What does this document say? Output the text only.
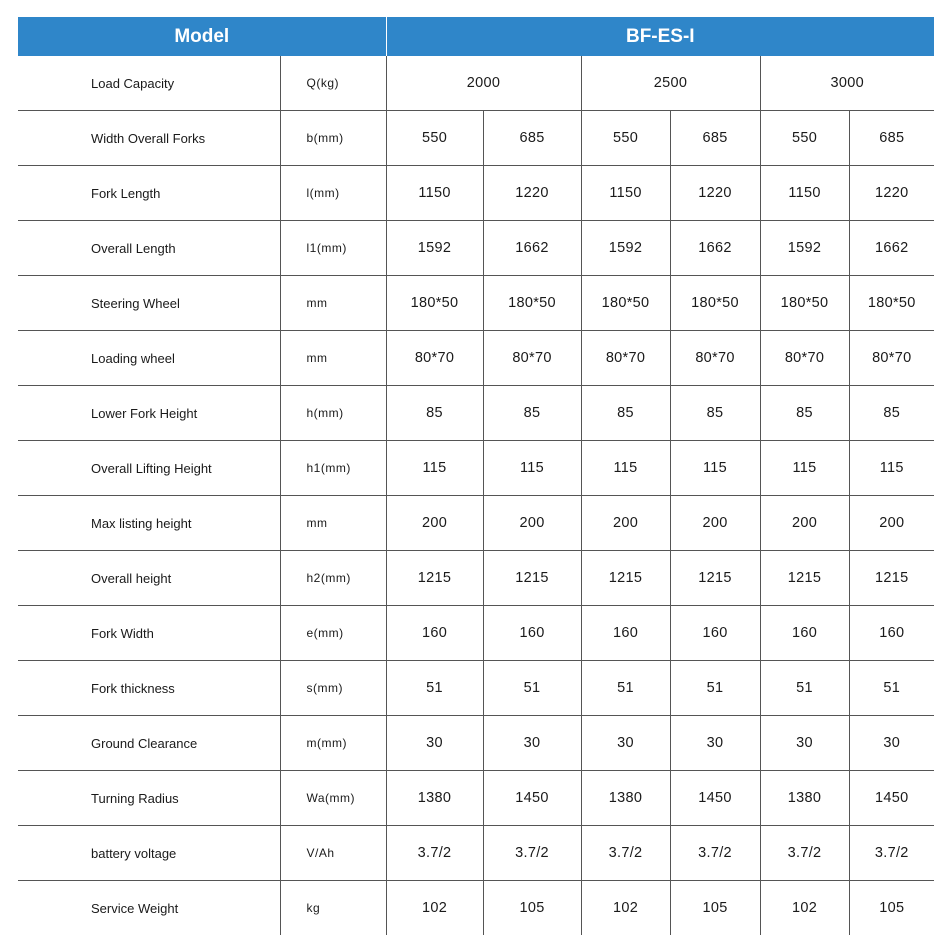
Model		BF-ES-I					
Load Capacity	Q(kg)	2000		2500		3000	
Width Overall Forks	b(mm)	550	685	550	685	550	685
Fork Length	l(mm)	1150	1220	1150	1220	1150	1220
Overall Length	l1(mm)	1592	1662	1592	1662	1592	1662
Steering Wheel	mm	180*50	180*50	180*50	180*50	180*50	180*50
Loading wheel	mm	80*70	80*70	80*70	80*70	80*70	80*70
Lower Fork Height	h(mm)	85	85	85	85	85	85
Overall Lifting Height	h1(mm)	115	115	115	115	115	115
Max listing height	mm	200	200	200	200	200	200
Overall height	h2(mm)	1215	1215	1215	1215	1215	1215
Fork Width	e(mm)	160	160	160	160	160	160
Fork thickness	s(mm)	51	51	51	51	51	51
Ground Clearance	m(mm)	30	30	30	30	30	30
Turning Radius	Wa(mm)	1380	1450	1380	1450	1380	1450
battery voltage	V/Ah	3.7/2	3.7/2	3.7/2	3.7/2	3.7/2	3.7/2
Service Weight	kg	102	105	102	105	102	105
